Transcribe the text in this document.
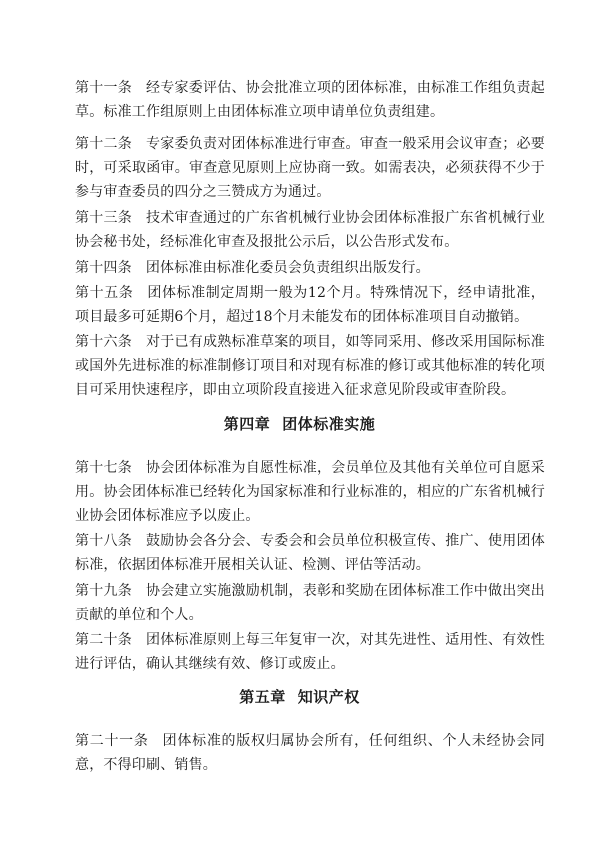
第十一条 经专家委评估、协会批准立项的团体标准，由标准工作组负责起草。标准工作组原则上由团体标准立项申请单位负责组建。

第十二条 专家委负责对团体标准进行审查。审查一般采用会议审查；必要时，可采取函审。审查意见原则上应协商一致。如需表决，必须获得不少于参与审查委员的四分之三赞成方为通过。

第十三条 技术审查通过的广东省机械行业协会团体标准报广东省机械行业协会秘书处，经标准化审查及报批公示后，以公告形式发布。

第十四条 团体标准由标准化委员会负责组织出版发行。

第十五条 团体标准制定周期一般为12个月。特殊情况下，经申请批准，项目最多可延期6个月，超过18个月未能发布的团体标准项目自动撤销。

第十六条 对于已有成熟标准草案的项目，如等同采用、修改采用国际标准或国外先进标准的标准制修订项目和对现有标准的修订或其他标准的转化项目可采用快速程序，即由立项阶段直接进入征求意见阶段或审查阶段。

第四章 团体标准实施

第十七条 协会团体标准为自愿性标准，会员单位及其他有关单位可自愿采用。协会团体标准已经转化为国家标准和行业标准的，相应的广东省机械行业协会团体标准应予以废止。

第十八条 鼓励协会各分会、专委会和会员单位积极宣传、推广、使用团体标准，依据团体标准开展相关认证、检测、评估等活动。

第十九条 协会建立实施激励机制，表彰和奖励在团体标准工作中做出突出贡献的单位和个人。

第二十条 团体标准原则上每三年复审一次，对其先进性、适用性、有效性进行评估，确认其继续有效、修订或废止。

第五章 知识产权

第二十一条 团体标准的版权归属协会所有，任何组织、个人未经协会同意，不得印刷、销售。
